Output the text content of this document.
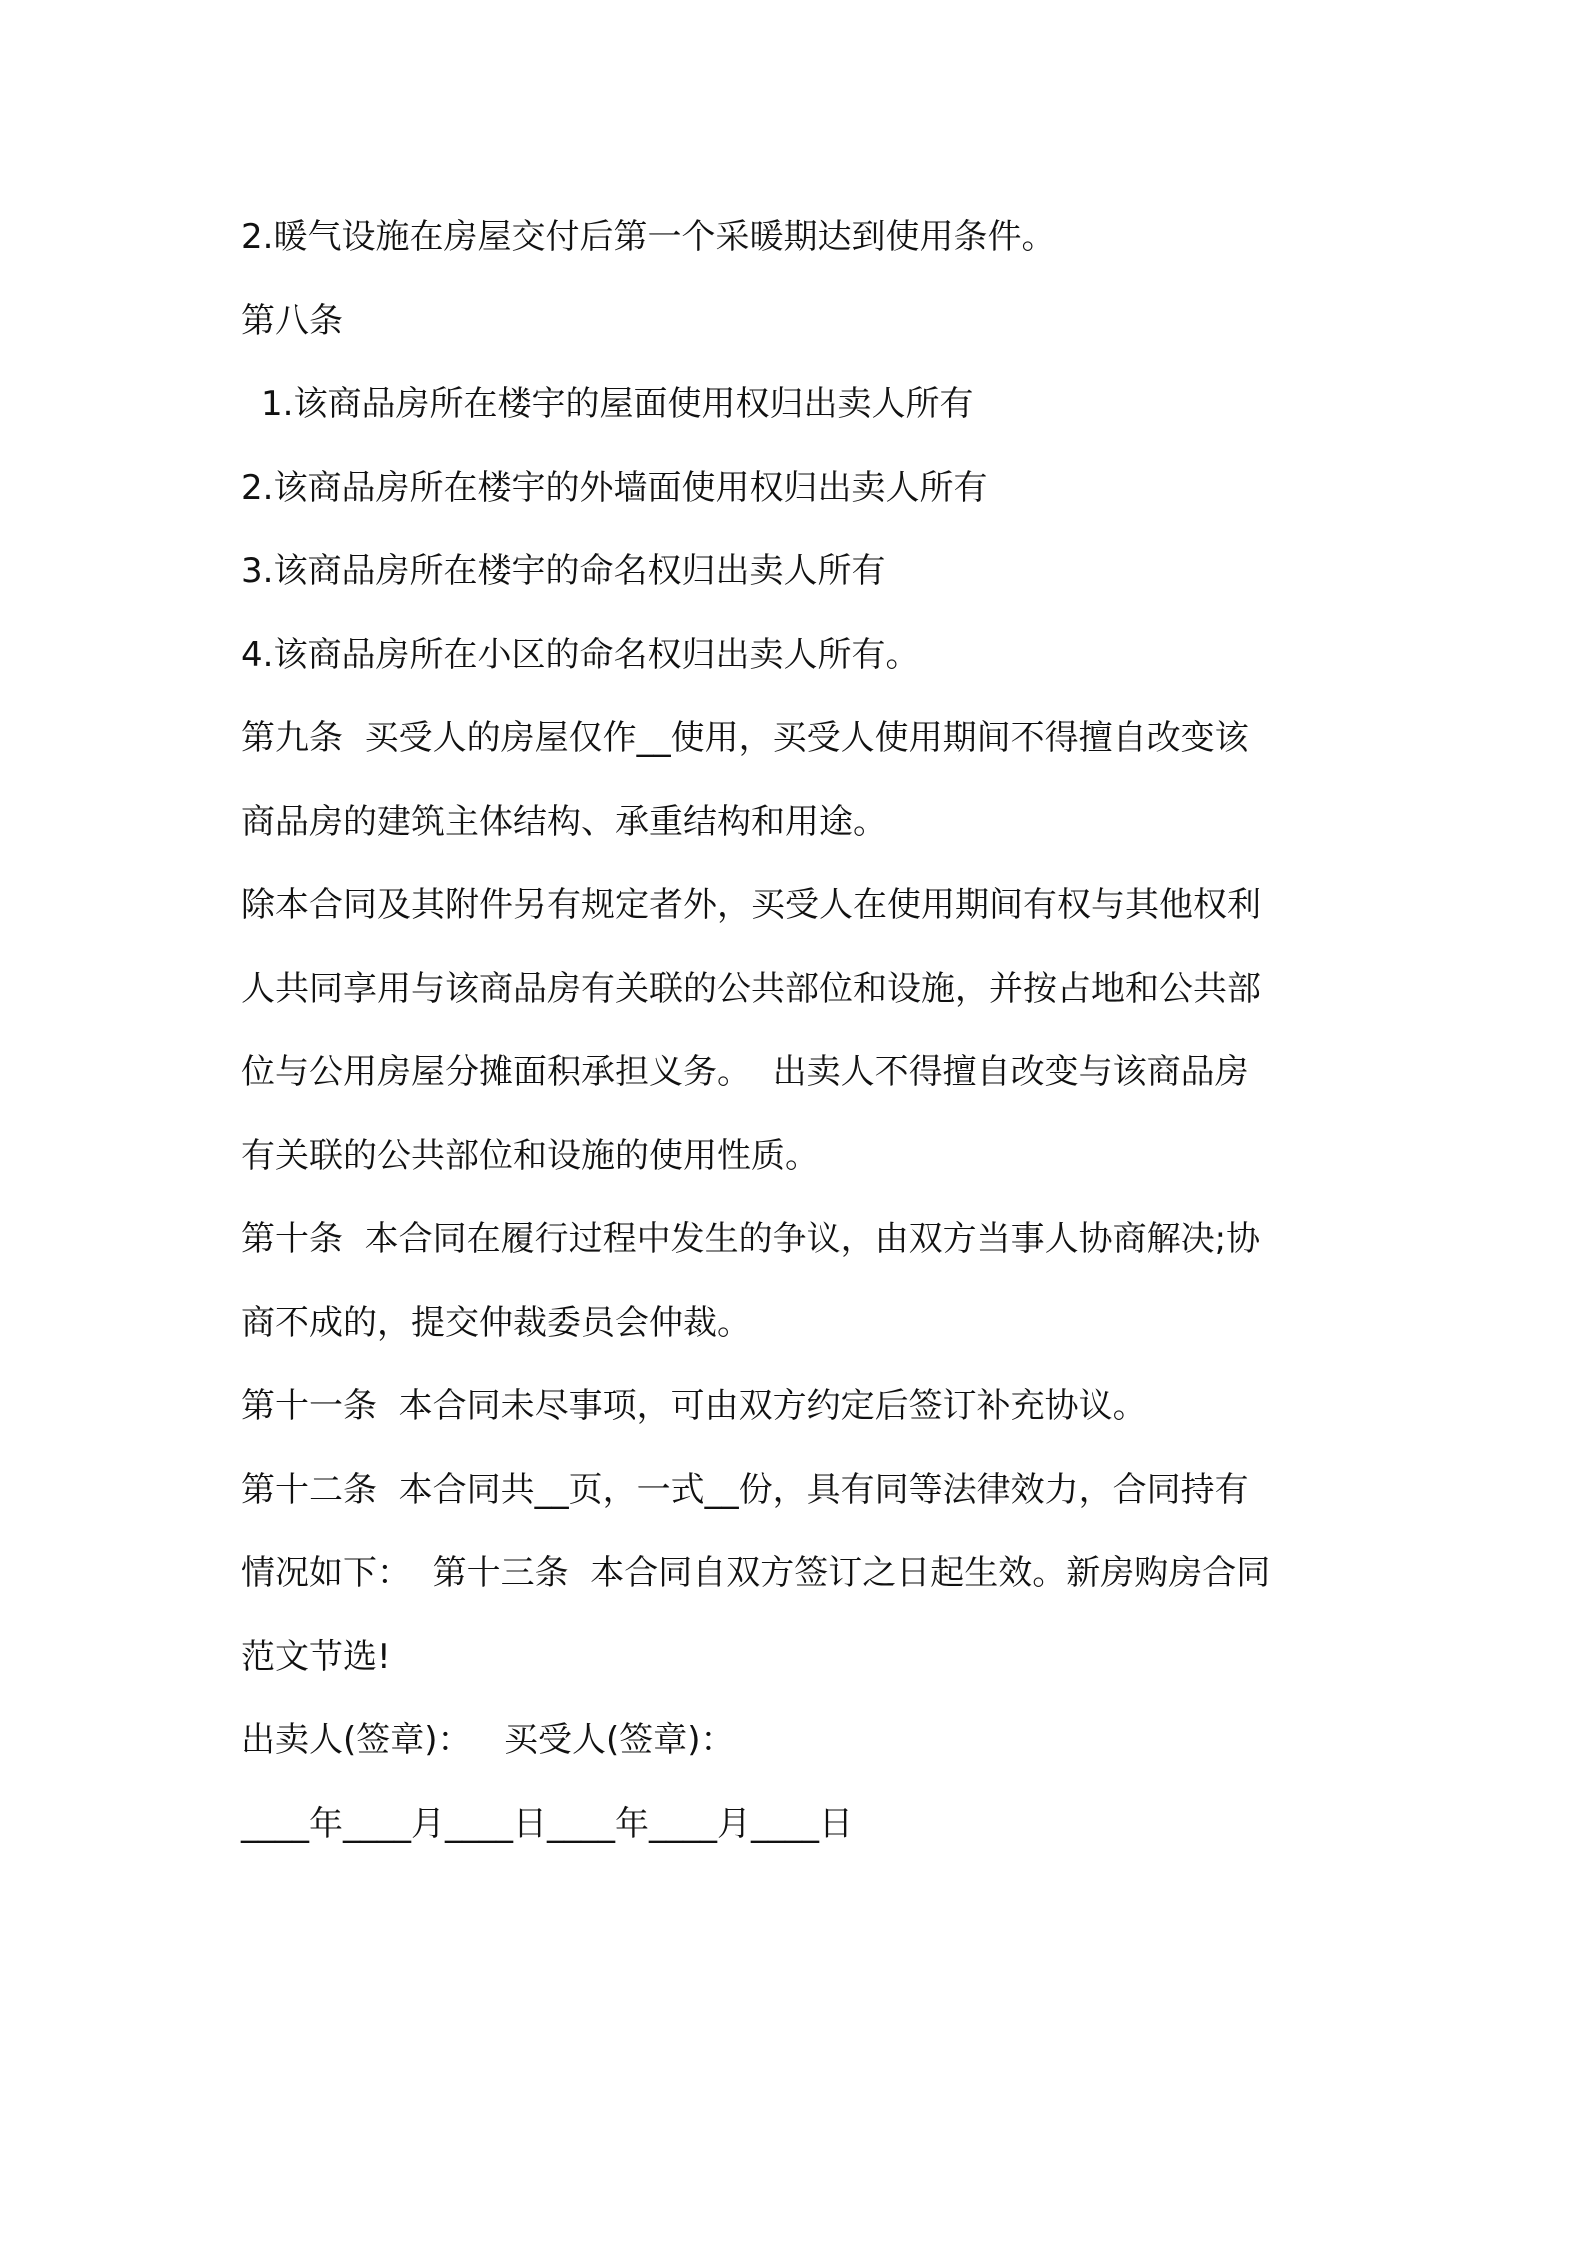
2.暖气设施在房屋交付后第一个采暖期达到使用条件。
第八条
1.该商品房所在楼宇的屋面使用权归出卖人所有
2.该商品房所在楼宇的外墙面使用权归出卖人所有
3.该商品房所在楼宇的命名权归出卖人所有
4.该商品房所在小区的命名权归出卖人所有。
第九条  买受人的房屋仅作__使用，买受人使用期间不得擅自改变该
商品房的建筑主体结构、承重结构和用途。
除本合同及其附件另有规定者外，买受人在使用期间有权与其他权利
人共同享用与该商品房有关联的公共部位和设施，并按占地和公共部
位与公用房屋分摊面积承担义务。  出卖人不得擅自改变与该商品房
有关联的公共部位和设施的使用性质。
第十条  本合同在履行过程中发生的争议，由双方当事人协商解决;协
商不成的，提交仲裁委员会仲裁。
第十一条  本合同未尽事项，可由双方约定后签订补充协议。
第十二条  本合同共__页，一式__份，具有同等法律效力，合同持有
情况如下：  第十三条  本合同自双方签订之日起生效。新房购房合同
范文节选!
出卖人(签章)：   买受人(签章)：
____年____月____日____年____月____日
